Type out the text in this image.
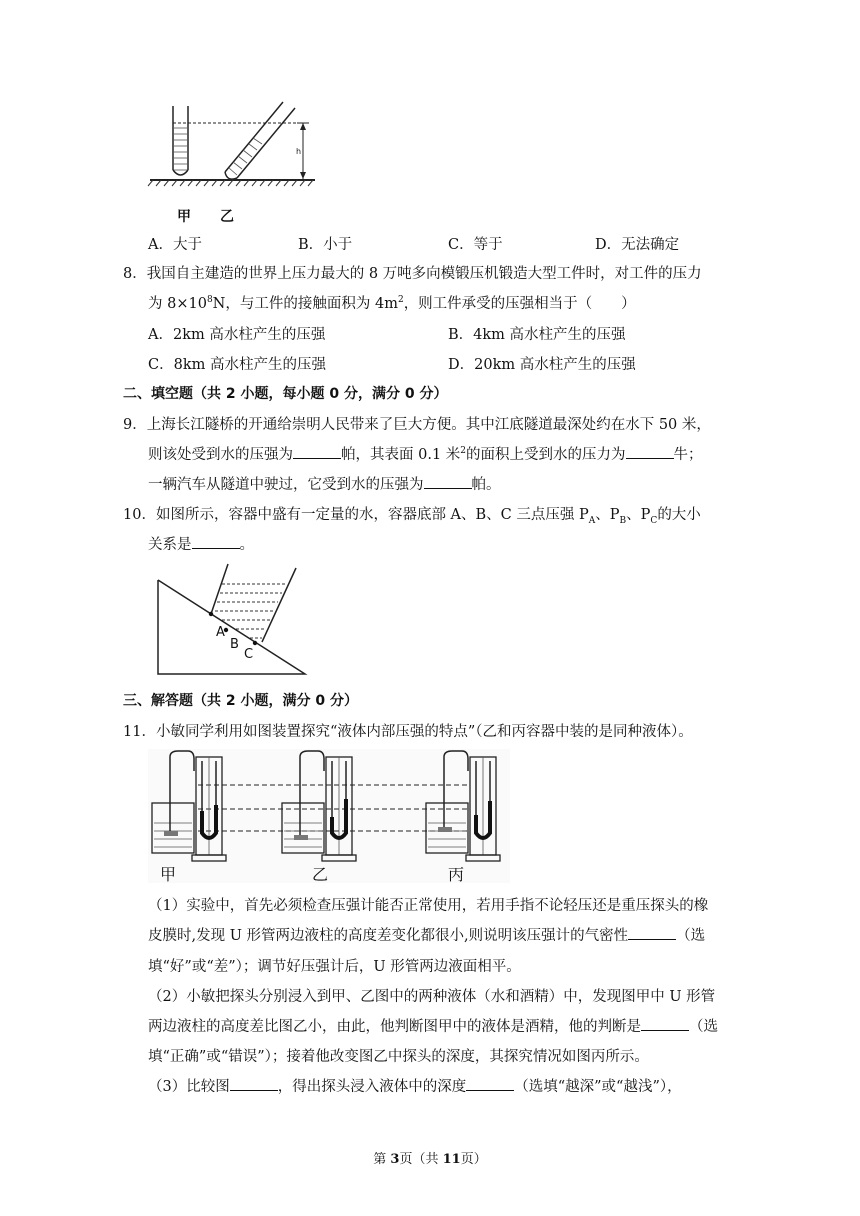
h
甲 乙
A．大于	B．小于	C．等于	D．无法确定
8．我国自主建造的世界上压力最大的 8 万吨多向模锻压机锻造大型工件时，对工件的压力
为 $8\times 10^8N$，与工件的接触面积为 $4m^2$，则工件承受的压强相当于（　　）
A．2km 高水柱产生的压强	B．4km 高水柱产生的压强
C．8km 高水柱产生的压强	D．20km 高水柱产生的压强
二、填空题（共 2 小题，每小题 0 分，满分 0 分）
9．上海长江隧桥的开通给崇明人民带来了巨大方便。其中江底隧道最深处约在水下 50 米，
则该处受到水的压强为	帕，其表面 0.1 米$^2$的面积上受到水的压力为	牛；
一辆汽车从隧道中驶过，它受到水的压强为	帕。
10．如图所示，容器中盛有一定量的水，容器底部 A、B、C 三点压强 $P_A$、$P_B$、$P_C$的大小
关系是	。
A
B
C
三、解答题（共 2 小题，满分 0 分）
11．小敏同学利用如图装置探究“液体内部压强的特点”（乙和丙容器中装的是同种液体）。
甲	乙	丙
（1）实验中，首先必须检查压强计能否正常使用，若用手指不论轻压还是重压探头的橡
皮膜时,发现 U 形管两边液柱的高度差变化都很小,则说明该压强计的气密性	（选
填“好”或“差”）；调节好压强计后，U 形管两边液面相平。
（2）小敏把探头分别浸入到甲、乙图中的两种液体（水和酒精）中，发现图甲中 U 形管
两边液柱的高度差比图乙小，由此，他判断图甲中的液体是酒精，他的判断是	（选
填“正确”或“错误”）；接着他改变图乙中探头的深度，其探究情况如图丙所示。
（3）比较图	，得出探头浸入液体中的深度	（选填“越深”或“越浅”），
第 3页（共 11页）
